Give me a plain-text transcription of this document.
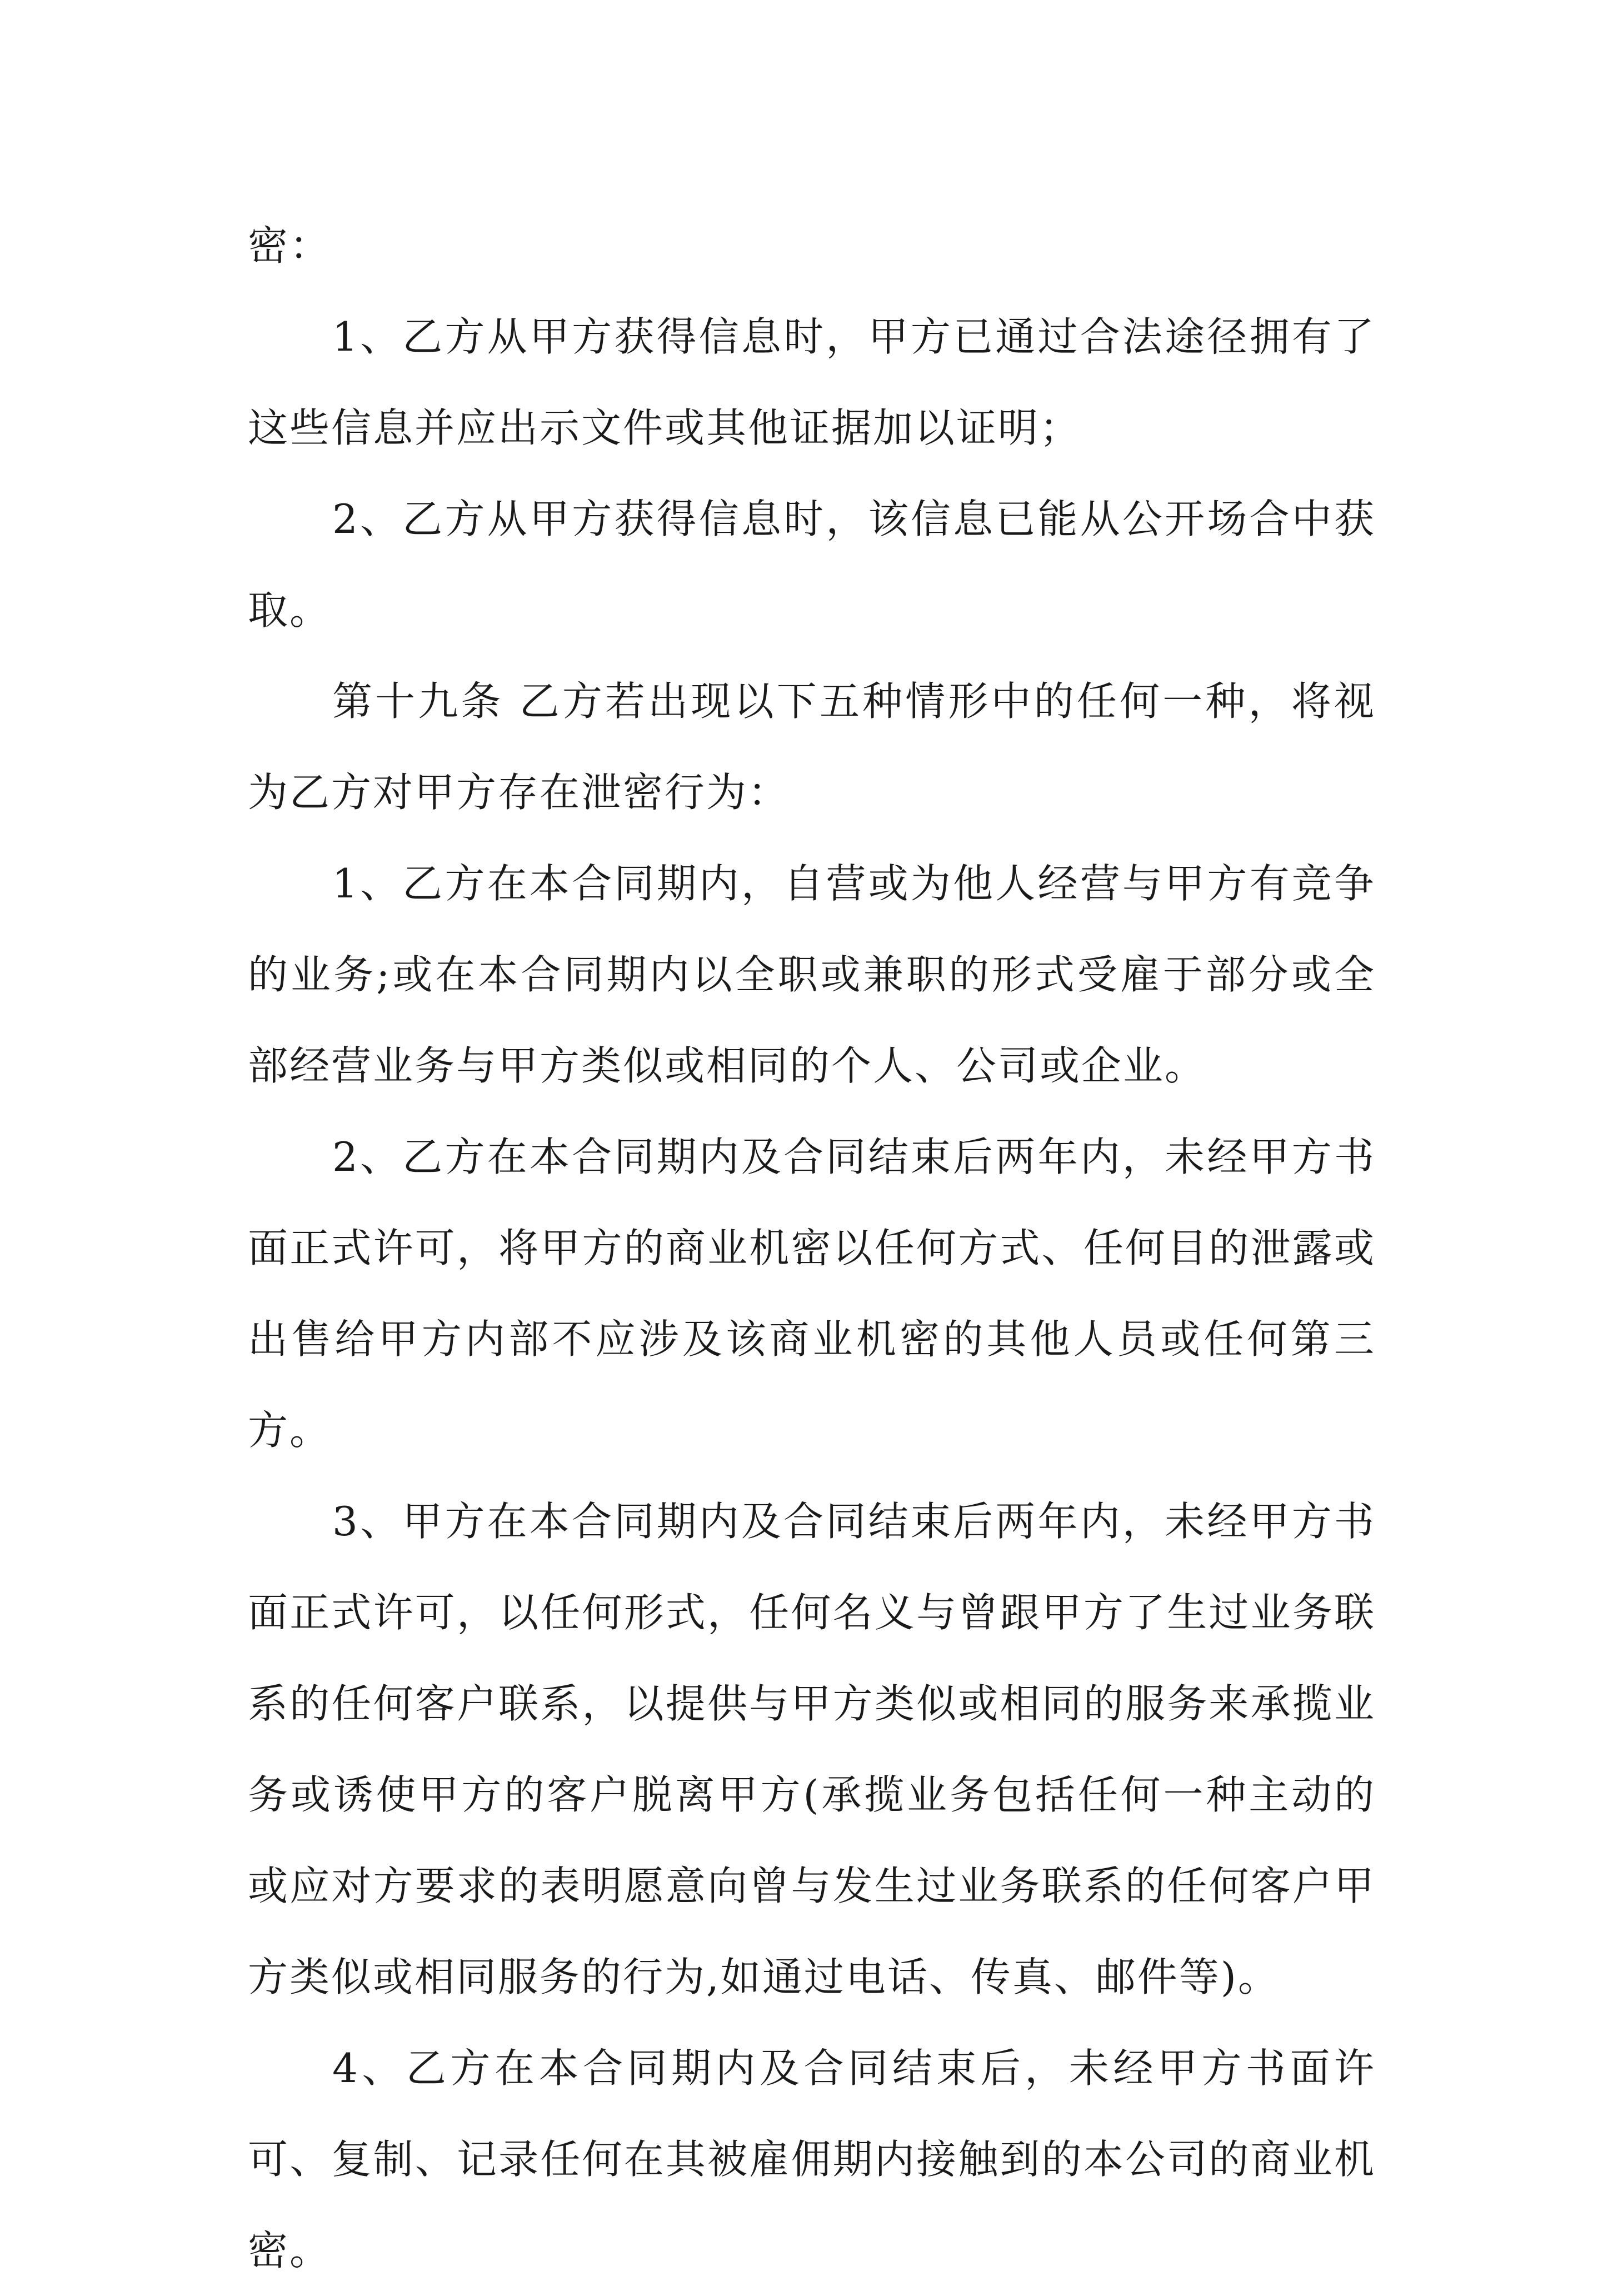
密：

1、乙方从甲方获得信息时，甲方已通过合法途径拥有了这些信息并应出示文件或其他证据加以证明；

2、乙方从甲方获得信息时，该信息已能从公开场合中获取。

第十九条 乙方若出现以下五种情形中的任何一种，将视为乙方对甲方存在泄密行为：

1、乙方在本合同期内，自营或为他人经营与甲方有竞争的业务;或在本合同期内以全职或兼职的形式受雇于部分或全部经营业务与甲方类似或相同的个人、公司或企业。

2、乙方在本合同期内及合同结束后两年内，未经甲方书面正式许可，将甲方的商业机密以任何方式、任何目的泄露或出售给甲方内部不应涉及该商业机密的其他人员或任何第三方。

3、甲方在本合同期内及合同结束后两年内，未经甲方书面正式许可，以任何形式，任何名义与曾跟甲方了生过业务联系的任何客户联系，以提供与甲方类似或相同的服务来承揽业务或诱使甲方的客户脱离甲方(承揽业务包括任何一种主动的或应对方要求的表明愿意向曾与发生过业务联系的任何客户甲方类似或相同服务的行为,如通过电话、传真、邮件等)。

4、乙方在本合同期内及合同结束后，未经甲方书面许可、复制、记录任何在其被雇佣期内接触到的本公司的商业机密。
